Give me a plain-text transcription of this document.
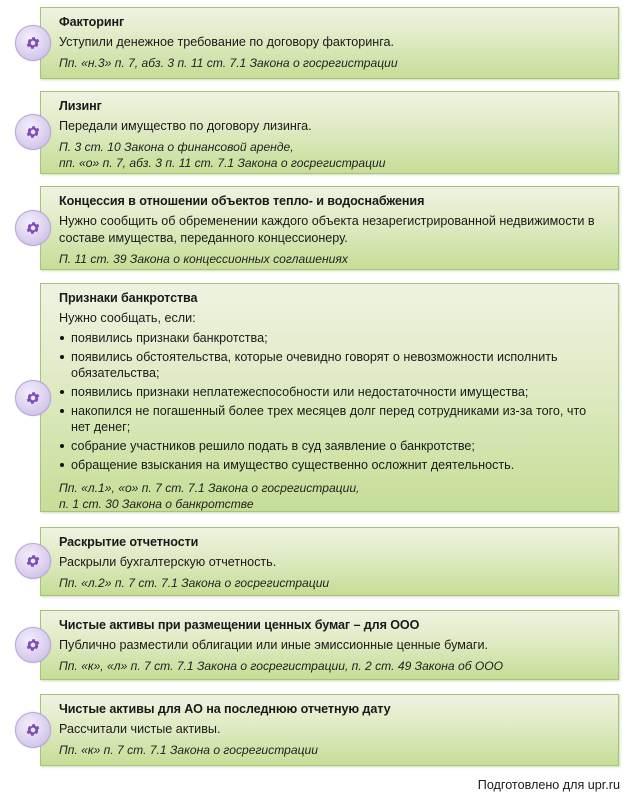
Факторинг
Уступили денежное требование по договору факторинга.
Пп. «н.3» п. 7, абз. 3 п. 11 ст. 7.1 Закона о госрегистрации
Лизинг
Передали имущество по договору лизинга.
П. 3 ст. 10 Закона о финансовой аренде,
пп. «о» п. 7, абз. 3 п. 11 ст. 7.1 Закона о госрегистрации
Концессия в отношении объектов тепло- и водоснабжения
Нужно сообщить об обременении каждого объекта незарегистрированной недвижимости в составе имущества, переданного концессионеру.
П. 11 ст. 39 Закона о концессионных соглашениях
Признаки банкротства
Нужно сообщать, если:
появились признаки банкротства;
появились обстоятельства, которые очевидно говорят о невозможности исполнить обязательства;
появились признаки неплатежеспособности или недостаточности имущества;
накопился не погашенный более трех месяцев долг перед сотрудниками из-за того, что нет денег;
собрание участников решило подать в суд заявление о банкротстве;
обращение взыскания на имущество существенно осложнит деятельность.
Пп. «л.1», «о» п. 7 ст. 7.1 Закона о госрегистрации,
п. 1 ст. 30 Закона о банкротстве
Раскрытие отчетности
Раскрыли бухгалтерскую отчетность.
Пп. «л.2» п. 7 ст. 7.1 Закона о госрегистрации
Чистые активы при размещении ценных бумаг – для ООО
Публично разместили облигации или иные эмиссионные ценные бумаги.
Пп. «к», «л» п. 7 ст. 7.1 Закона о госрегистрации, п. 2 ст. 49 Закона об ООО
Чистые активы для АО на последнюю отчетную дату
Рассчитали чистые активы.
Пп. «к» п. 7 ст. 7.1 Закона о госрегистрации
Подготовлено для upr.ru
